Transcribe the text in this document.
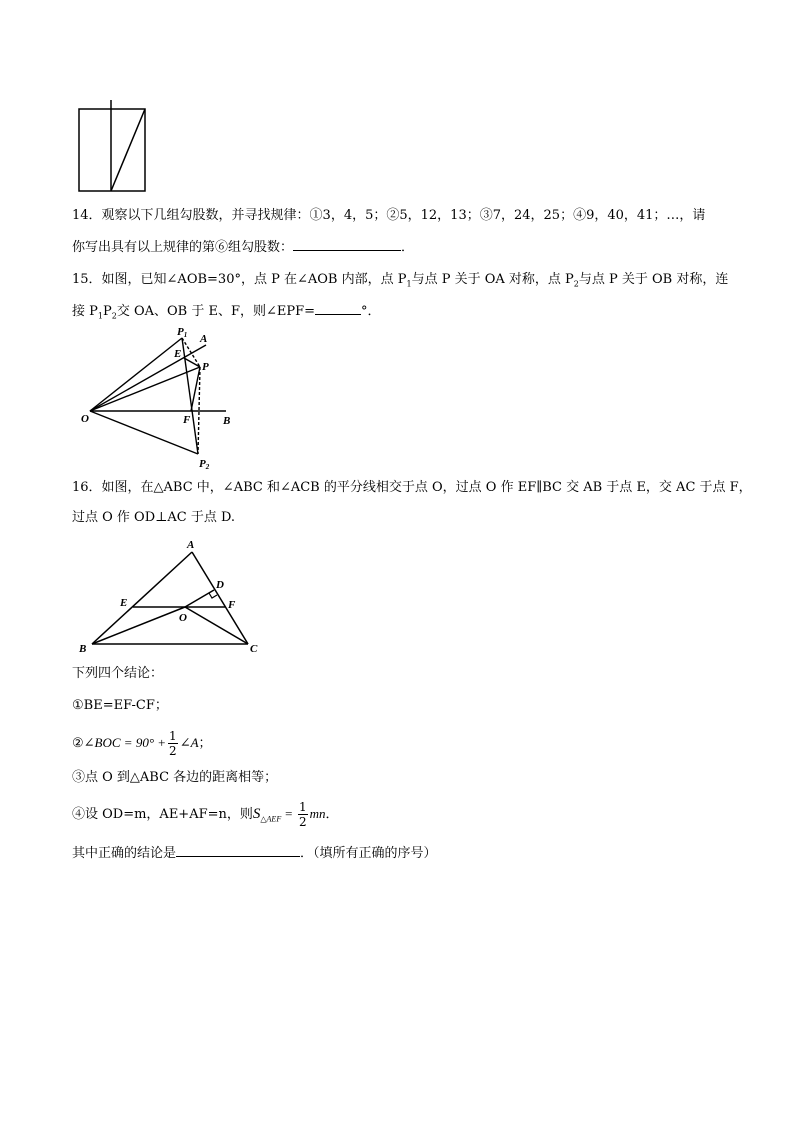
14．观察以下几组勾股数，并寻找规律：①3，4，5；②5，12，13；③7，24，25；④9，40，41；…，请
你写出具有以上规律的第⑥组勾股数：	．
15．如图，已知∠AOB=30°，点 P 在∠AOB 内部，点 $P_1$与点 P 关于 OA 对称，点 $P_2$与点 P 关于 OB 对称，连
接 $P_1P_2$交 OA、OB 于 E、F，则∠EPF=	°．
P1 A
E
P
O	F	B
P2
16．如图，在△ABC 中，∠ABC 和∠ACB 的平分线相交于点 O，过点 O 作 EF∥BC 交 AB 于点 E，交 AC 于点 F，
过点 O 作 OD⊥AC 于点 D.
A
D
E	F
O
B	C
下列四个结论：
①BE=EF-CF；
②∠BOC = $90^\circ + \frac{1}{2}$ ∠A；
③点 O 到△ABC 各边的距离相等；
④设 OD=m，AE+AF=n，则$S_{\triangle AEF} = \frac{1}{2}$ mn．
其中正确的结论是	．（填所有正确的序号）
